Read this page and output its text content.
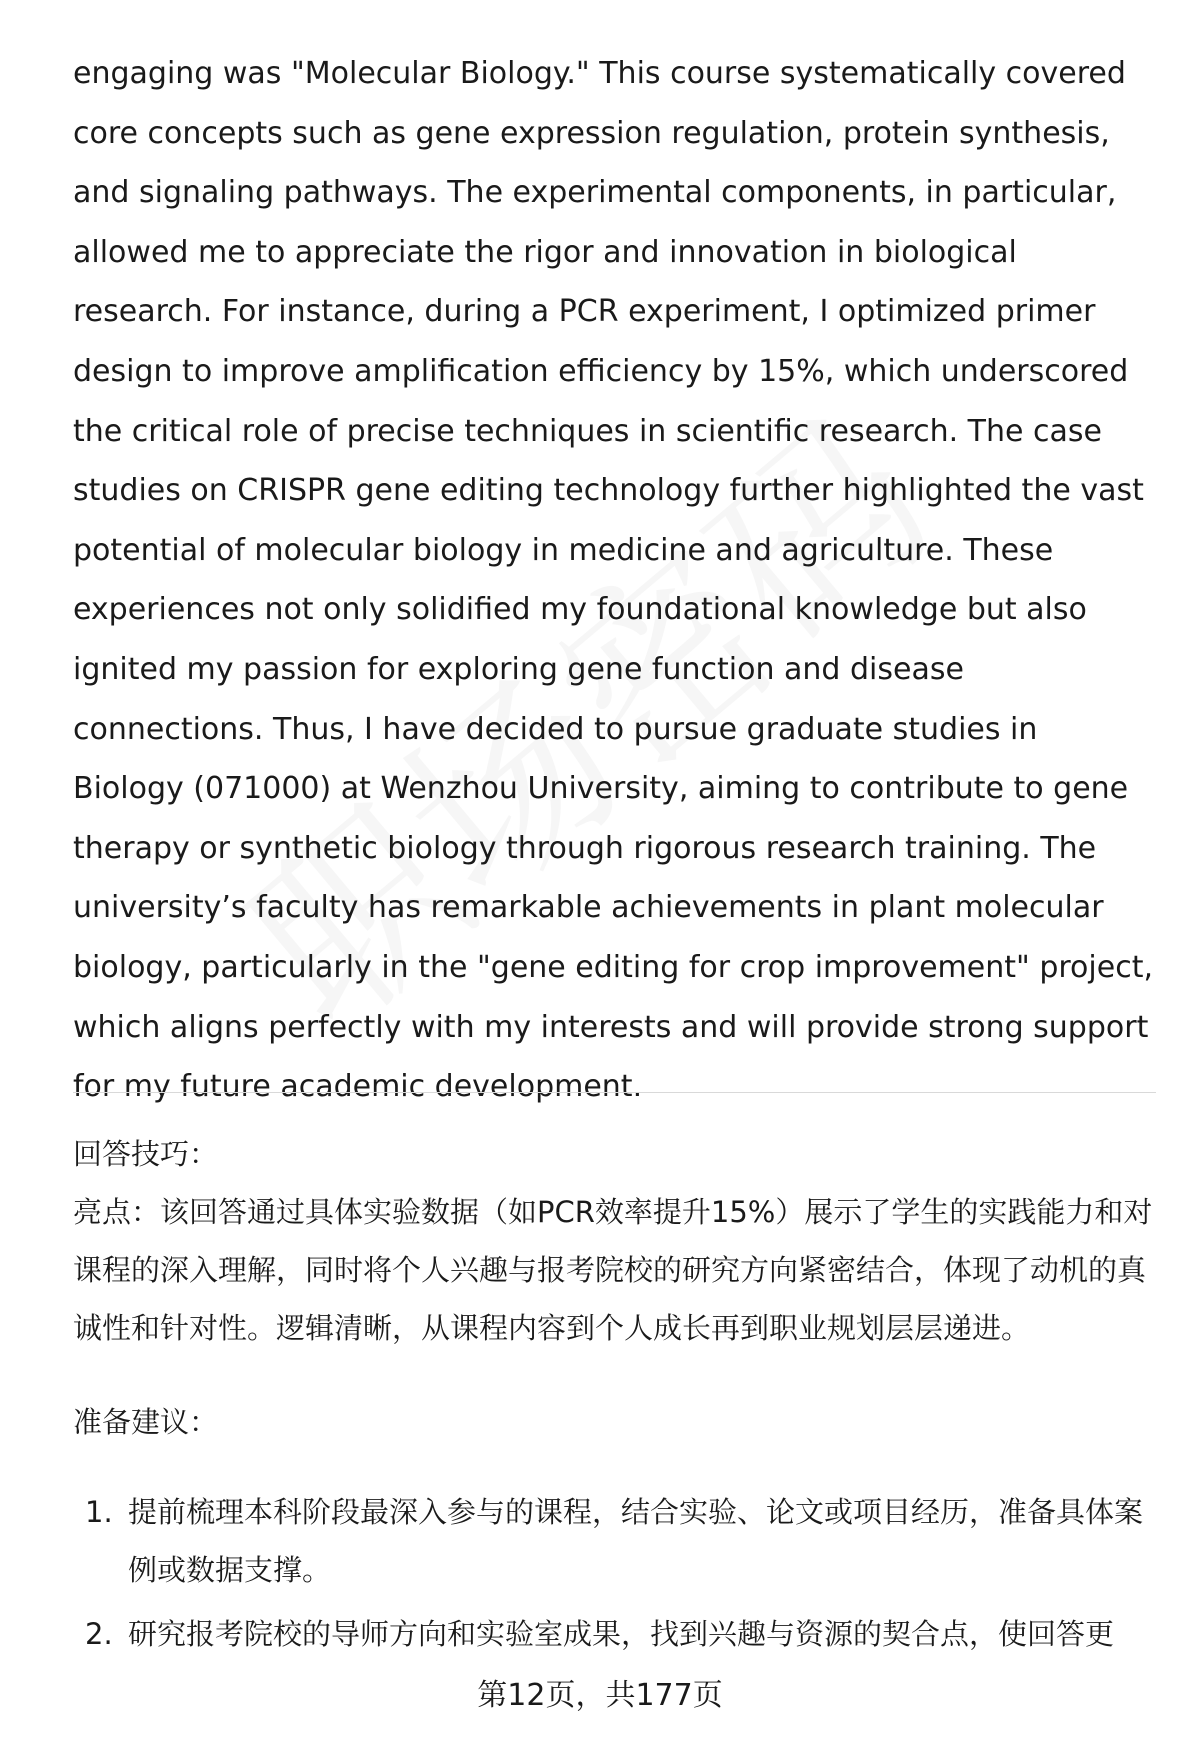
engaging was "Molecular Biology." This course systematically covered core concepts such as gene expression regulation, protein synthesis, and signaling pathways. The experimental components, in particular, allowed me to appreciate the rigor and innovation in biological research. For instance, during a PCR experiment, I optimized primer design to improve amplification efficiency by 15%, which underscored the critical role of precise techniques in scientific research. The case studies on CRISPR gene editing technology further highlighted the vast potential of molecular biology in medicine and agriculture. These experiences not only solidified my foundational knowledge but also ignited my passion for exploring gene function and disease connections. Thus, I have decided to pursue graduate studies in Biology (071000) at Wenzhou University, aiming to contribute to gene therapy or synthetic biology through rigorous research training. The university’s faculty has remarkable achievements in plant molecular biology, particularly in the "gene editing for crop improvement" project, which aligns perfectly with my interests and will provide strong support for my future academic development.

回答技巧：

亮点：该回答通过具体实验数据（如PCR效率提升15%）展示了学生的实践能力和对课程的深入理解，同时将个人兴趣与报考院校的研究方向紧密结合，体现了动机的真诚性和针对性。逻辑清晰，从课程内容到个人成长再到职业规划层层递进。

准备建议：

1. 提前梳理本科阶段最深入参与的课程，结合实验、论文或项目经历，准备具体案例或数据支撑。
2. 研究报考院校的导师方向和实验室成果，找到兴趣与资源的契合点，使回答更
第12页，共177页
